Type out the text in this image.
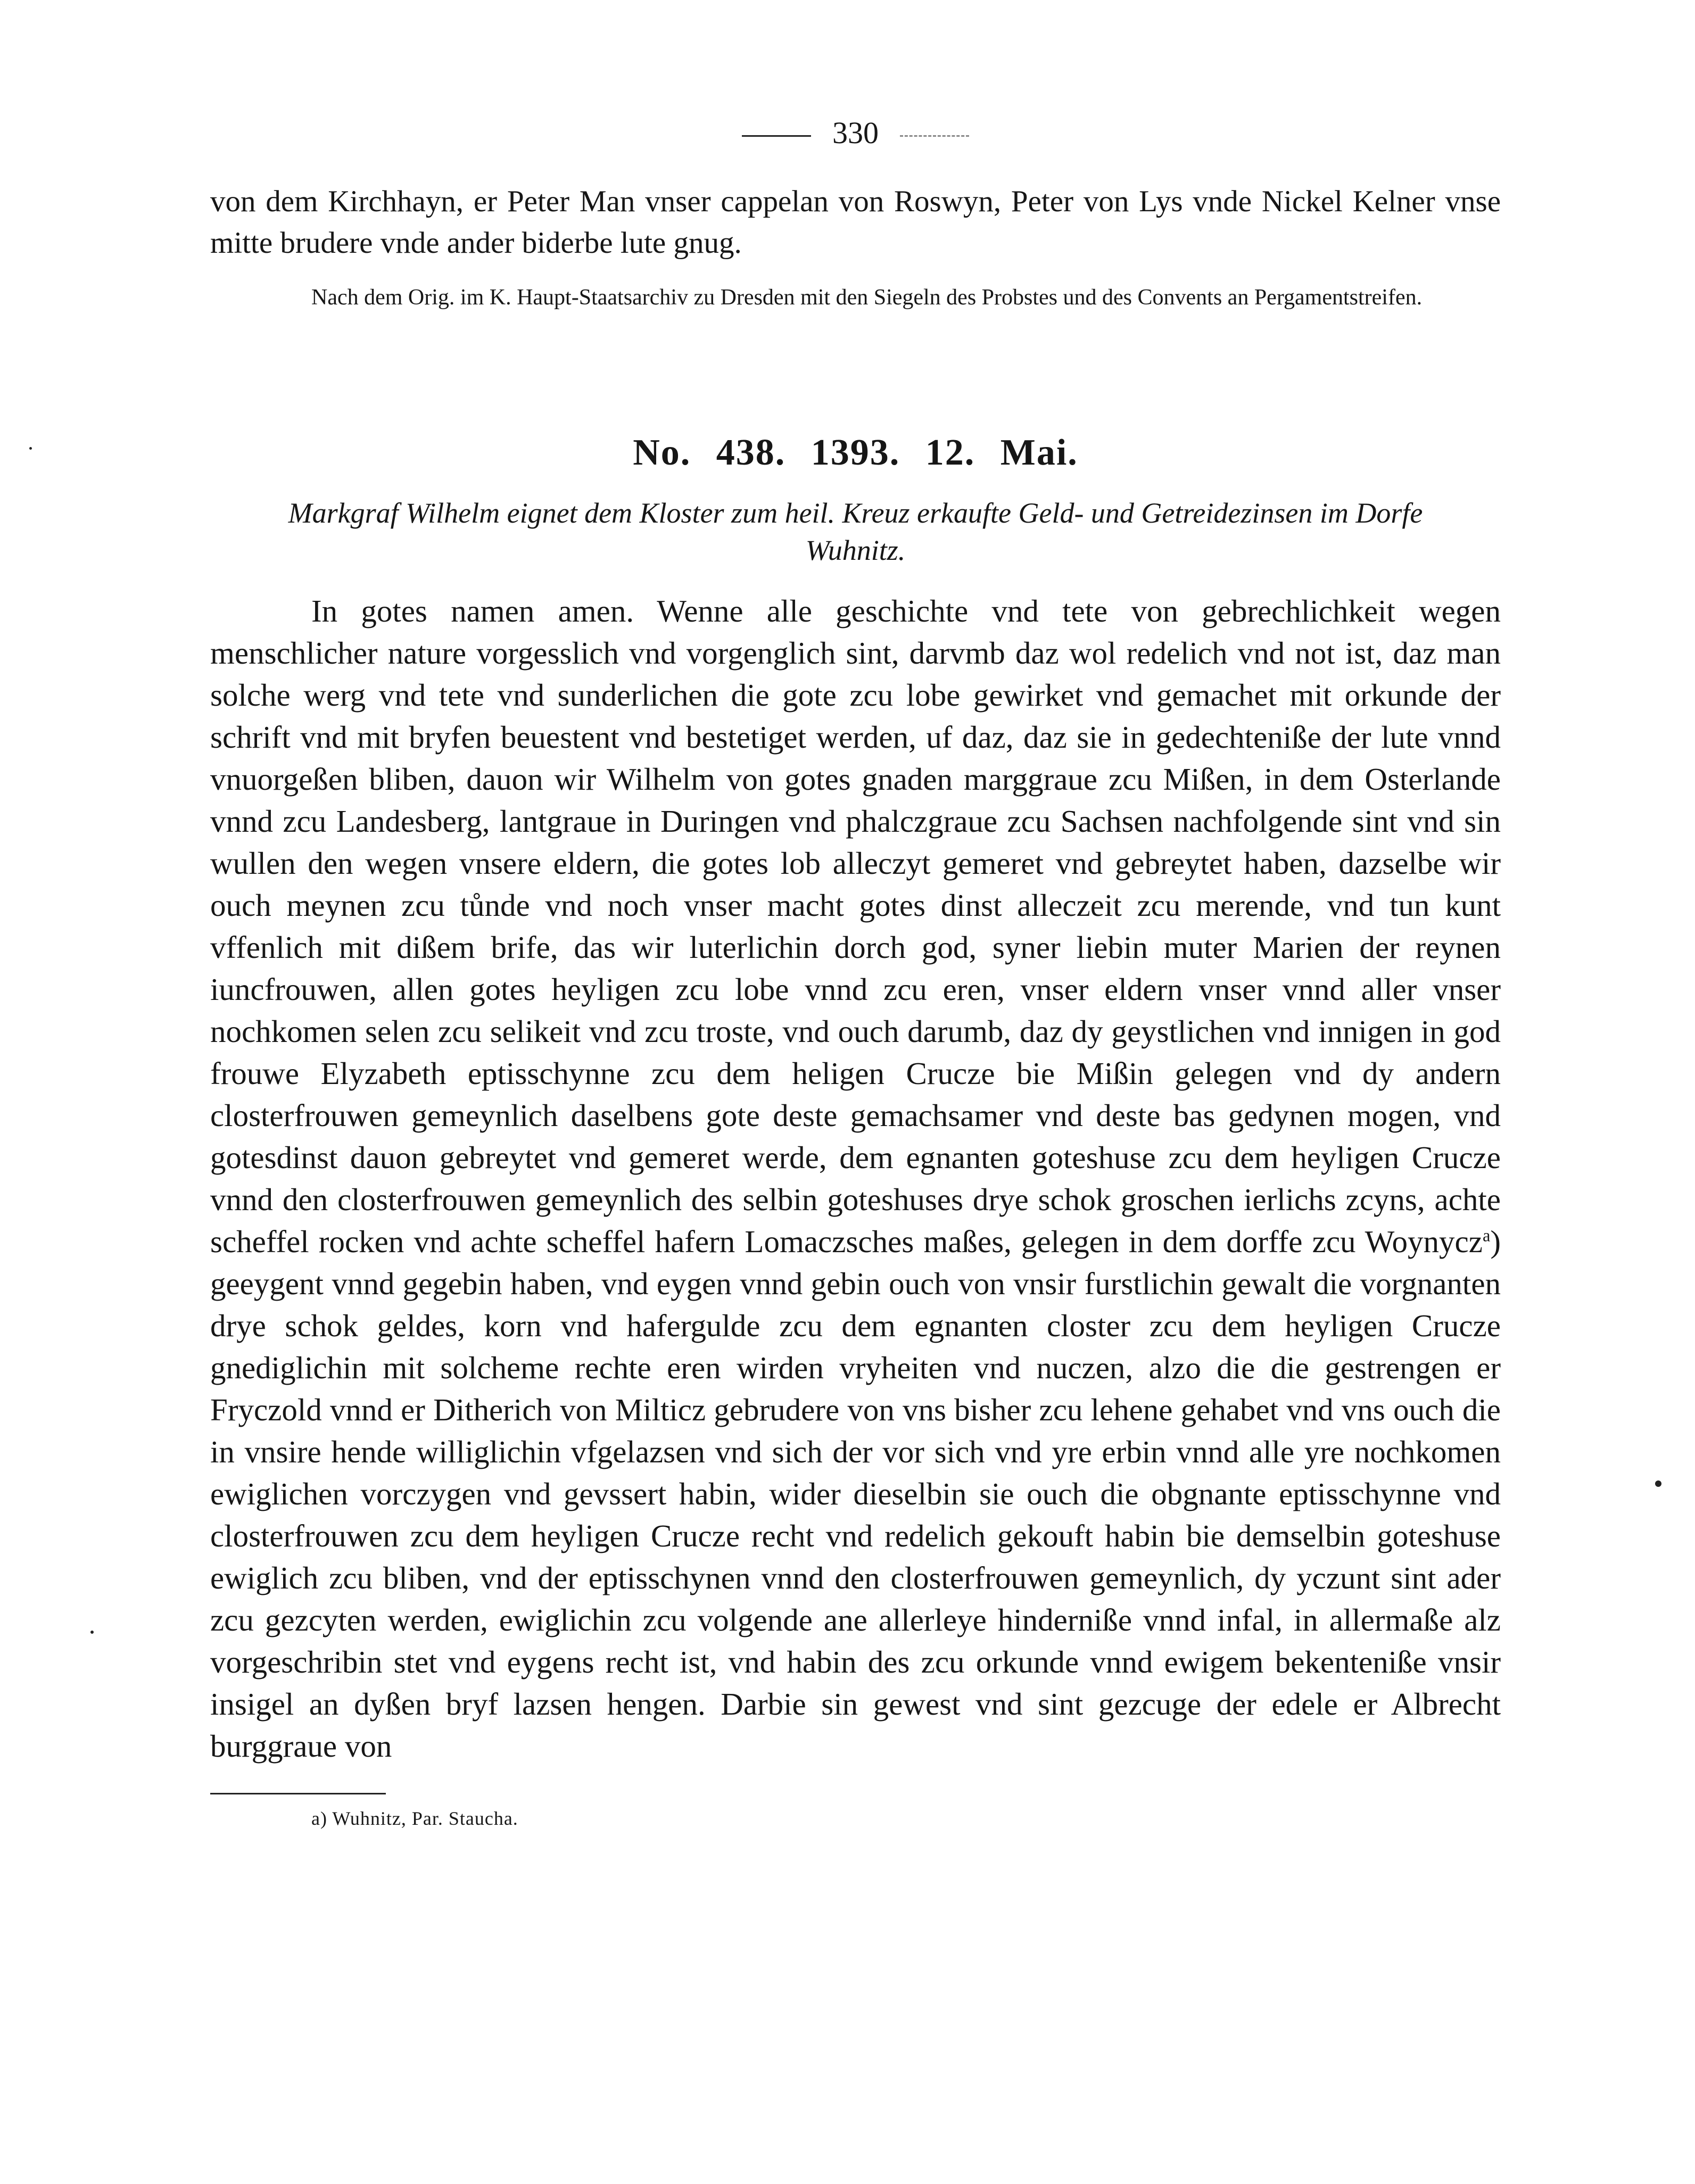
330

von dem Kirchhayn, er Peter Man vnser cappelan von Roswyn, Peter von Lys vnde Nickel Kelner vnse mitte brudere vnde ander biderbe lute gnug.

Nach dem Orig. im K. Haupt-Staatsarchiv zu Dresden mit den Siegeln des Probstes und des Convents an Pergamentstreifen.

No. 438. 1393. 12. Mai.

Markgraf Wilhelm eignet dem Kloster zum heil. Kreuz erkaufte Geld- und Getreidezinsen im Dorfe Wuhnitz.

In gotes namen amen. Wenne alle geschichte vnd tete von gebrechlichkeit wegen menschlicher nature vorgesslich vnd vorgenglich sint, darvmb daz wol redelich vnd not ist, daz man solche werg vnd tete vnd sunderlichen die gote zcu lobe gewirket vnd gemachet mit orkunde der schrift vnd mit bryfen beuestent vnd bestetiget werden, uf daz, daz sie in gedechteniße der lute vnnd vnuorgeßen bliben, dauon wir Wilhelm von gotes gnaden marggraue zcu Mißen, in dem Osterlande vnnd zcu Landesberg, lantgraue in Duringen vnd phalczgraue zcu Sachsen nachfolgende sint vnd sin wullen den wegen vnsere eldern, die gotes lob alleczyt gemeret vnd gebreytet haben, dazselbe wir ouch meynen zcu tůnde vnd noch vnser macht gotes dinst alleczeit zcu merende, vnd tun kunt vffenlich mit dißem brife, das wir luterlichin dorch god, syner liebin muter Marien der reynen iuncfrouwen, allen gotes heyligen zcu lobe vnnd zcu eren, vnser eldern vnser vnnd aller vnser nochkomen selen zcu selikeit vnd zcu troste, vnd ouch darumb, daz dy geystlichen vnd innigen in god frouwe Elyzabeth eptisschynne zcu dem heligen Crucze bie Mißin gelegen vnd dy andern closterfrouwen gemeynlich daselbens gote deste gemachsamer vnd deste bas gedynen mogen, vnd gotesdinst dauon gebreytet vnd gemeret werde, dem egnanten goteshuse zcu dem heyligen Crucze vnnd den closterfrouwen gemeynlich des selbin goteshuses drye schok groschen ierlichs zcyns, achte scheffel rocken vnd achte scheffel hafern Lomaczsches maßes, gelegen in dem dorffe zcu Woynycz$^a$) geeygent vnnd gegebin haben, vnd eygen vnnd gebin ouch von vnsir furstlichin gewalt die vorgnanten drye schok geldes, korn vnd hafergulde zcu dem egnanten closter zcu dem heyligen Crucze gnediglichin mit solcheme rechte eren wirden vryheiten vnd nuczen, alzo die die gestrengen er Fryczold vnnd er Ditherich von Milticz gebrudere von vns bisher zcu lehene gehabet vnd vns ouch die in vnsire hende williglichin vfgelazsen vnd sich der vor sich vnd yre erbin vnnd alle yre nochkomen ewiglichen vorczygen vnd gevssert habin, wider dieselbin sie ouch die obgnante eptisschynne vnd closterfrouwen zcu dem heyligen Crucze recht vnd redelich gekouft habin bie demselbin goteshuse ewiglich zcu bliben, vnd der eptisschynen vnnd den closterfrouwen gemeynlich, dy yczunt sint ader zcu gezcyten werden, ewiglichin zcu volgende ane allerleye hinderniße vnnd infal, in allermaße alz vorgeschribin stet vnd eygens recht ist, vnd habin des zcu orkunde vnnd ewigem bekenteniße vnsir insigel an dyßen bryf lazsen hengen. Darbie sin gewest vnd sint gezcuge der edele er Albrecht burggraue von

a) Wuhnitz, Par. Staucha.
